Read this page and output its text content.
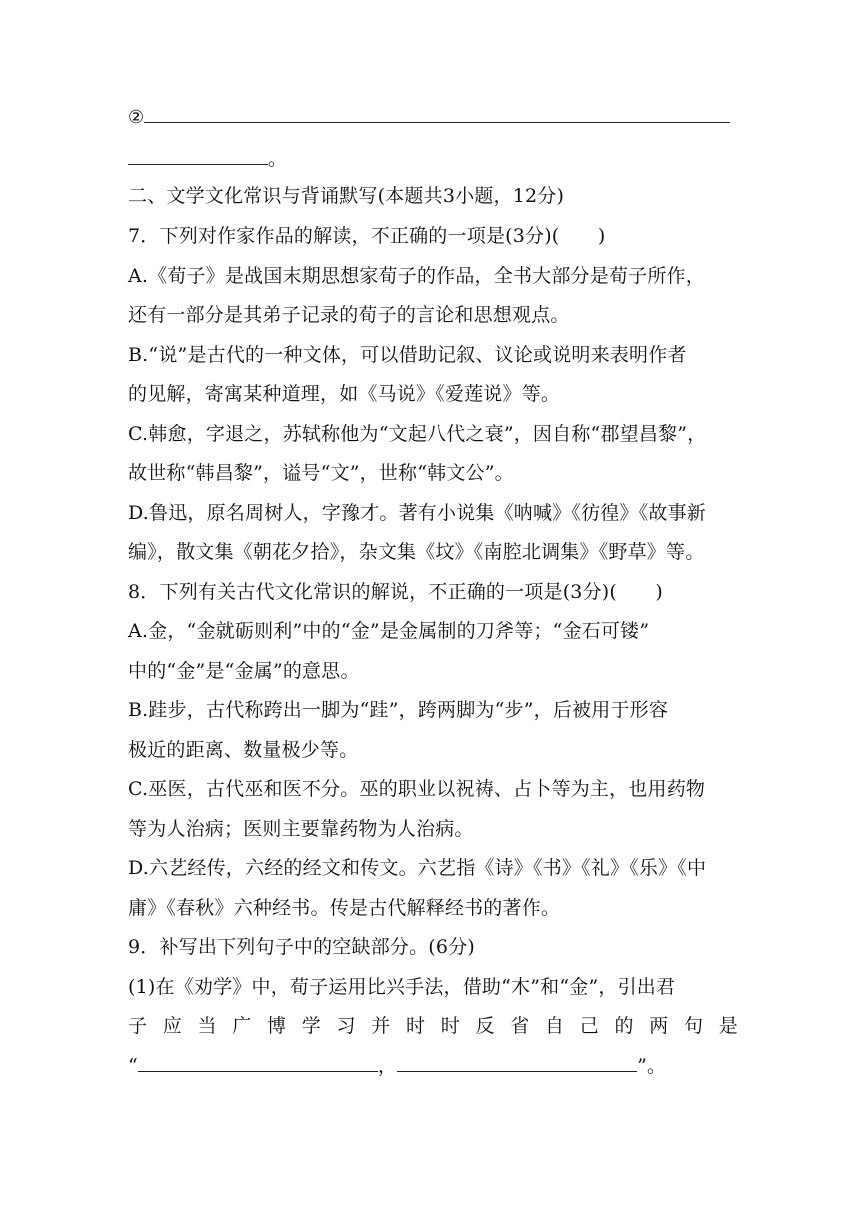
②
。
二、文学文化常识与背诵默写(本题共3小题，12分)
7．下列对作家作品的解读，不正确的一项是(3分)(　　)
A.《荀子》是战国末期思想家荀子的作品，全书大部分是荀子所作，
还有一部分是其弟子记录的荀子的言论和思想观点。
B.“说”是古代的一种文体，可以借助记叙、议论或说明来表明作者
的见解，寄寓某种道理，如《马说》《爱莲说》等。
C.韩愈，字退之，苏轼称他为“文起八代之衰”，因自称“郡望昌黎”，
故世称“韩昌黎”，谥号“文”，世称“韩文公”。
D.鲁迅，原名周树人，字豫才。著有小说集《呐喊》《彷徨》《故事新
编》，散文集《朝花夕拾》，杂文集《坟》《南腔北调集》《野草》等。
8．下列有关古代文化常识的解说，不正确的一项是(3分)(　　)
A.金，“金就砺则利”中的“金”是金属制的刀斧等；“金石可镂”
中的“金”是“金属”的意思。
B.跬步，古代称跨出一脚为“跬”，跨两脚为“步”，后被用于形容
极近的距离、数量极少等。
C.巫医，古代巫和医不分。巫的职业以祝祷、占卜等为主，也用药物
等为人治病；医则主要靠药物为人治病。
D.六艺经传，六经的经文和传文。六艺指《诗》《书》《礼》《乐》《中
庸》《春秋》六种经书。传是古代解释经书的著作。
9．补写出下列句子中的空缺部分。(6分)
(1)在《劝学》中，荀子运用比兴手法，借助“木”和“金”，引出君
子 应 当 广 博 学 习 并 时 时 反 省 自 己 的 两 句 是
“	，	”。
